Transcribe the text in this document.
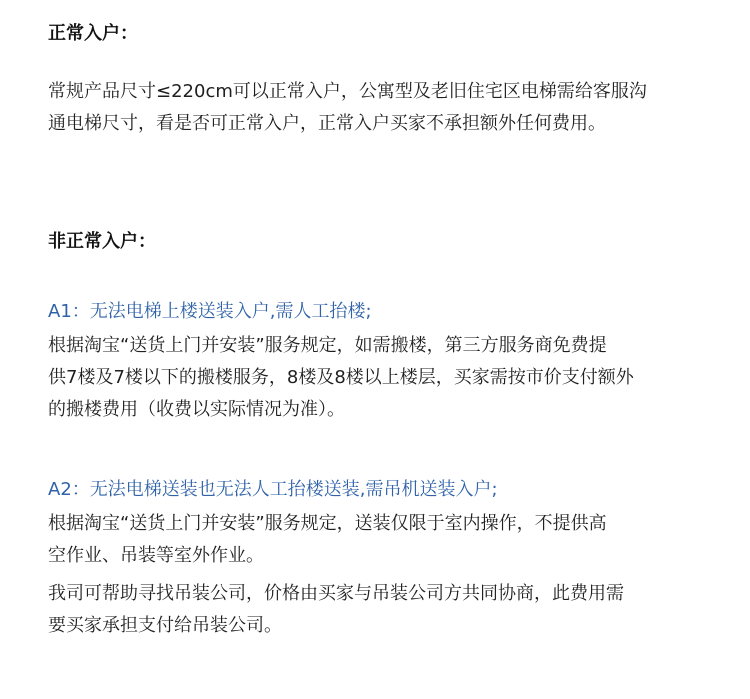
正常入户：
常规产品尺寸≤220cm可以正常入户，公寓型及老旧住宅区电梯需给客服沟
通电梯尺寸，看是否可正常入户，正常入户买家不承担额外任何费用。
非正常入户：
A1：无法电梯上楼送装入户,需人工抬楼;
根据淘宝“送货上门并安装”服务规定，如需搬楼，第三方服务商免费提
供7楼及7楼以下的搬楼服务，8楼及8楼以上楼层，买家需按市价支付额外
的搬楼费用（收费以实际情况为准）。
A2：无法电梯送装也无法人工抬楼送装,需吊机送装入户;
根据淘宝“送货上门并安装”服务规定，送装仅限于室内操作，不提供高
空作业、吊装等室外作业。
我司可帮助寻找吊装公司，价格由买家与吊装公司方共同协商，此费用需
要买家承担支付给吊装公司。
